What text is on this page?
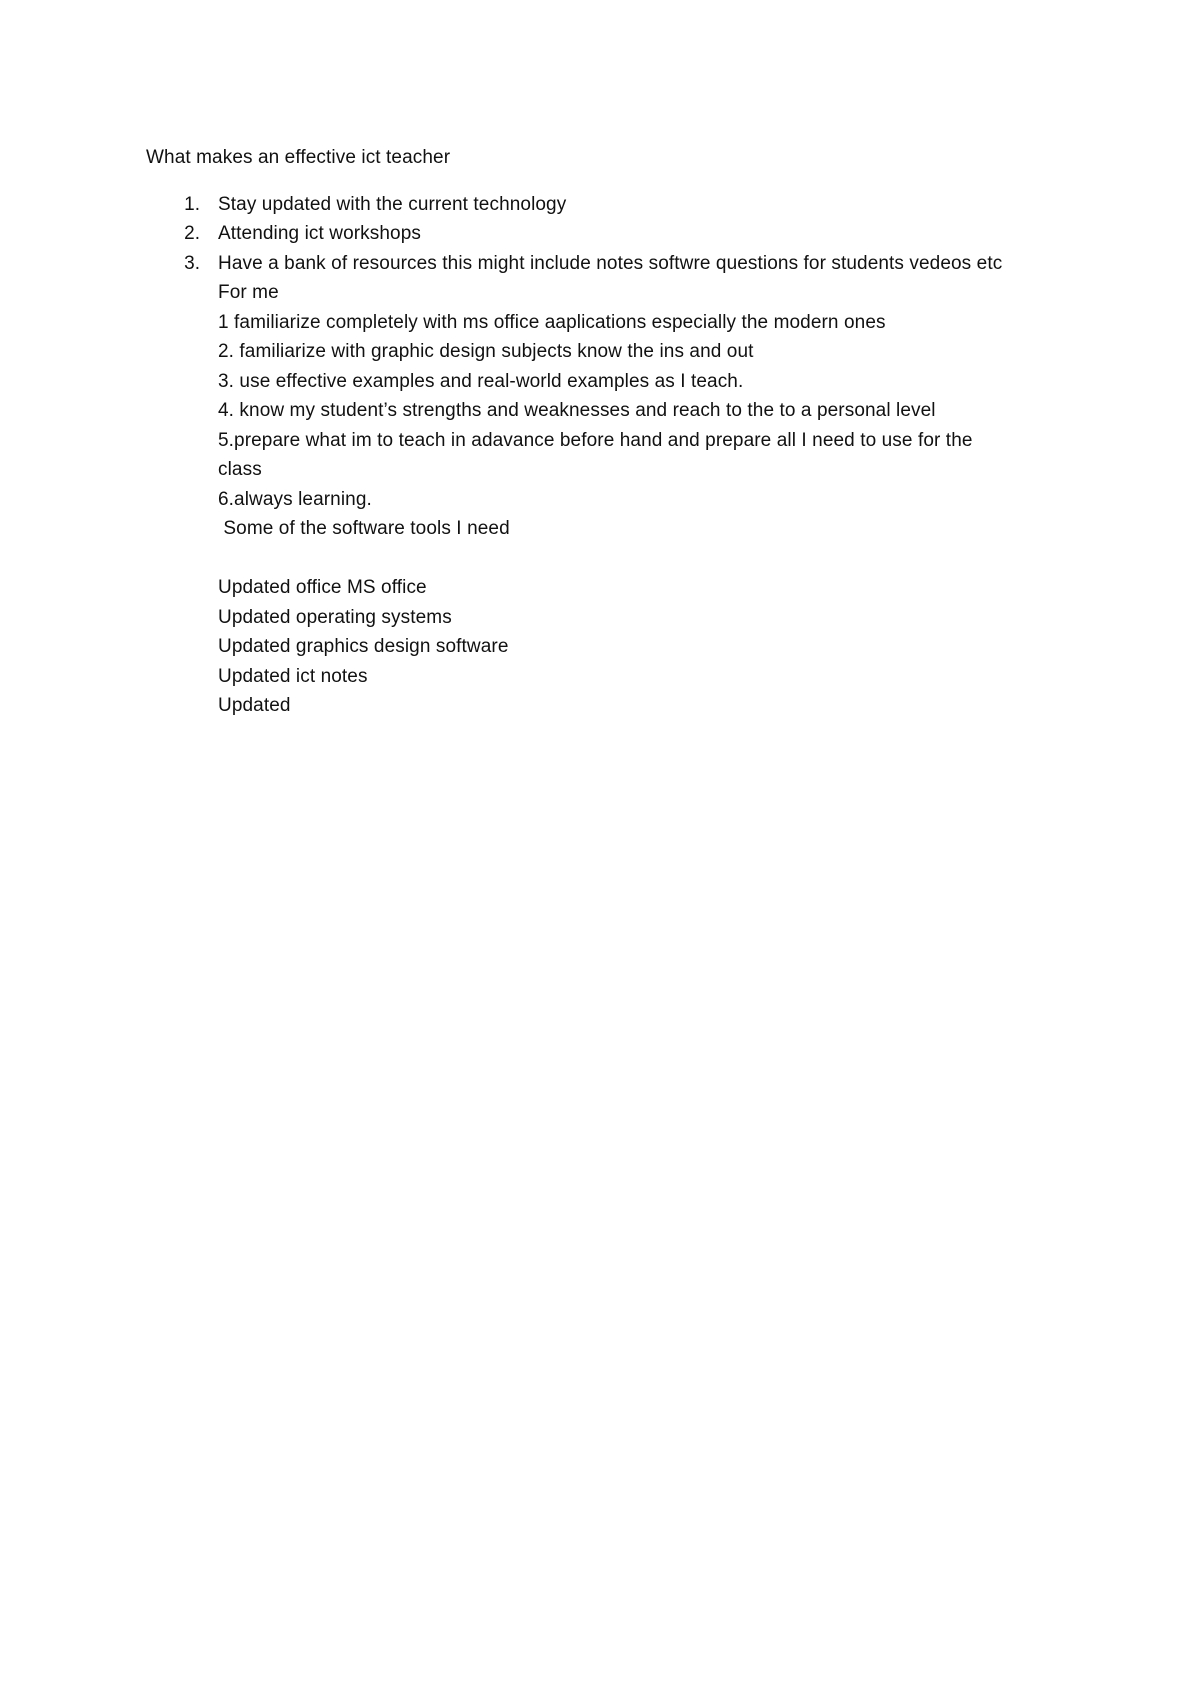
What makes an effective ict teacher
1. Stay updated with the current technology
2. Attending ict workshops
3. Have a bank of resources this might include notes softwre questions for students vedeos etc
For me
1 familiarize completely with ms office aaplications especially the modern ones
2. familiarize with graphic design subjects know the ins and out
3. use effective examples and real-world examples as I teach.
4. know my student’s strengths and weaknesses and reach to the to a personal level
5.prepare what im to teach in adavance before hand and prepare all I need to use for the
class
6.always learning.
Some of the software tools I need
Updated office MS office
Updated operating systems
Updated graphics design software
Updated ict notes
Updated
